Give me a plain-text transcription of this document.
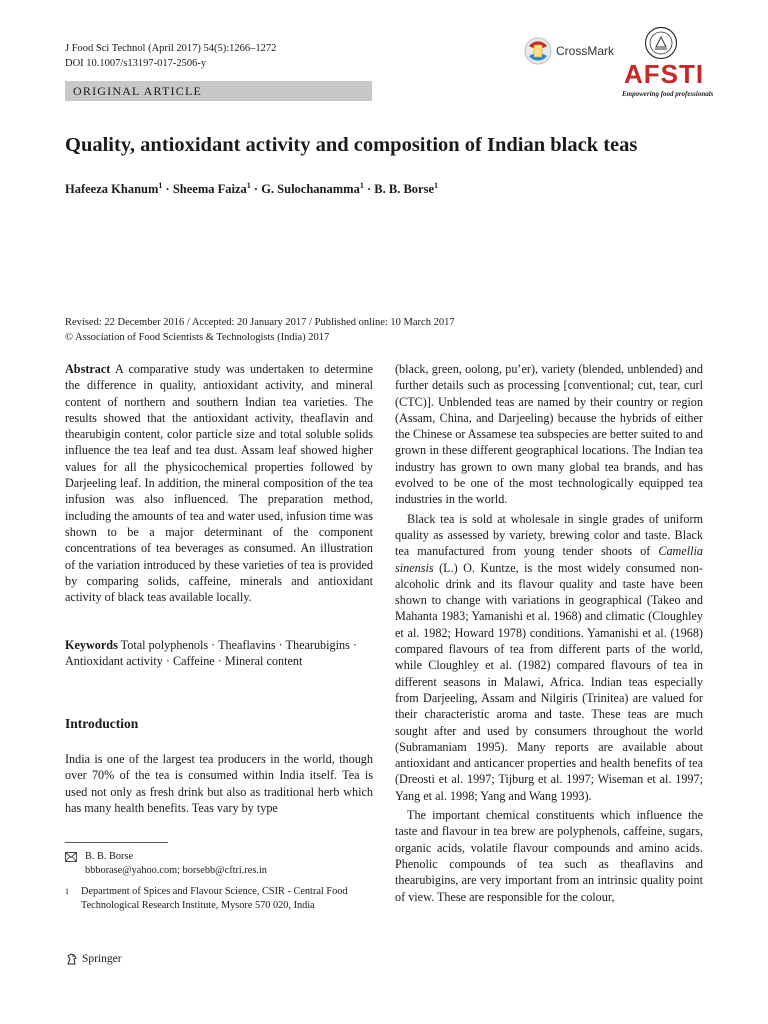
J Food Sci Technol (April 2017) 54(5):1266–1272
DOI 10.1007/s13197-017-2506-y
ORIGINAL ARTICLE
CrossMark
AFSTI
Empowering food professionals
Quality, antioxidant activity and composition of Indian black teas
Hafeeza Khanum$^1$ · Sheema Faiza$^1$ · G. Sulochanamma$^1$ · B. B. Borse$^1$
Revised: 22 December 2016 / Accepted: 20 January 2017 / Published online: 10 March 2017
© Association of Food Scientists & Technologists (India) 2017

Abstract A comparative study was undertaken to determine the difference in quality, antioxidant activity, and mineral content of northern and southern Indian tea varieties. The results showed that the antioxidant activity, theaflavin and thearubigin content, color particle size and total soluble solids influence the tea leaf and tea dust. Assam leaf showed higher values for all the physicochemical properties followed by Darjeeling leaf. In addition, the mineral composition of the tea infusion was also influenced. The preparation method, including the amounts of tea and water used, infusion time was shown to be a major determinant of the component concentrations of tea beverages as consumed. An illustration of the variation introduced by these varieties of tea is provided by comparing solids, caffeine, minerals and antioxidant activity of black teas available locally.

Keywords Total polyphenols · Theaflavins · Thearubigins · Antioxidant activity · Caffeine · Mineral content

Introduction

India is one of the largest tea producers in the world, though over 70% of the tea is consumed within India itself. Tea is used not only as fresh drink but also as traditional herb which has many health benefits. Teas vary by type

B. B. Borse
bbborase@yahoo.com; borsebb@cftri.res.in
1 Department of Spices and Flavour Science, CSIR - Central Food Technological Research Institute, Mysore 570 020, India
Springer

(black, green, oolong, pu’er), variety (blended, unblended) and further details such as processing [conventional; cut, tear, curl (CTC)]. Unblended teas are named by their country or region (Assam, China, and Darjeeling) because the hybrids of either the Chinese or Assamese tea subspecies are better suited to and grown in these different geographical locations. The Indian tea industry has grown to own many global tea brands, and has evolved to be one of the most technologically equipped tea industries in the world.

Black tea is sold at wholesale in single grades of uniform quality as assessed by variety, brewing color and taste. Black tea manufactured from young tender shoots of Camellia sinensis (L.) O. Kuntze, is the most widely consumed non-alcoholic drink and its flavour quality and taste have been shown to change with variations in geographical (Takeo and Mahanta 1983; Yamanishi et al. 1968) and climatic (Cloughley et al. 1982; Howard 1978) conditions. Yamanishi et al. (1968) compared flavours of tea from different parts of the world, while Cloughley et al. (1982) compared flavours of tea in different seasons in Malawi, Africa. Indian teas especially from Darjeeling, Assam and Nilgiris (Trinitea) are valued for their characteristic aroma and taste. These teas are much sought after and used by consumers throughout the world (Subramaniam 1995). Many reports are available about antioxidant and anticancer properties and health benefits of tea (Dreosti et al. 1997; Tijburg et al. 1997; Wiseman et al. 1997; Yang et al. 1998; Yang and Wang 1993).

The important chemical constituents which influence the taste and flavour in tea brew are polyphenols, caffeine, sugars, organic acids, volatile flavour compounds and amino acids. Phenolic compounds of tea such as theaflavins and thearubigins, are very important from an intrinsic quality point of view. These are responsible for the colour,
